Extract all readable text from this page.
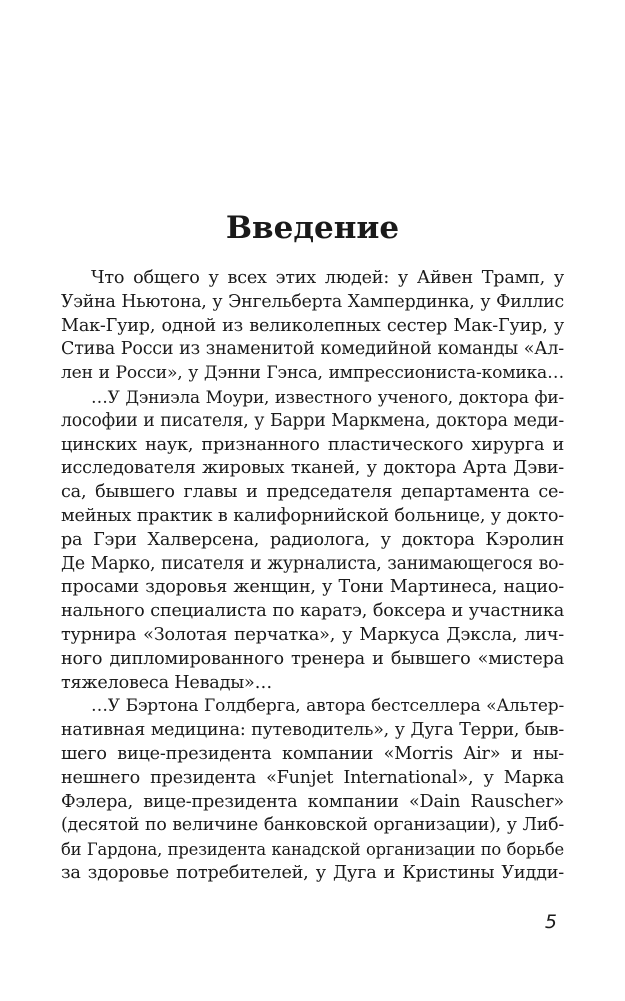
Введение
Что общего у всех этих людей: у Айвен Трамп, у
Уэйна Ньютона, у Энгельберта Хампердинка, у Филлис
Мак-Гуир, одной из великолепных сестер Мак-Гуир, у
Стива Росси из знаменитой комедийной команды «Ал-
лен и Росси», у Дэнни Гэнса, импрессиониста-комика…
…У Дэниэла Моури, известного ученого, доктора фи-
лософии и писателя, у Барри Маркмена, доктора меди-
цинских наук, признанного пластического хирурга и
исследователя жировых тканей, у доктора Арта Дэви-
са, бывшего главы и председателя департамента се-
мейных практик в калифорнийской больнице, у докто-
ра Гэри Халверсена, радиолога, у доктора Кэролин
Де Марко, писателя и журналиста, занимающегося во-
просами здоровья женщин, у Тони Мартинеса, нацио-
нального специалиста по каратэ, боксера и участника
турнира «Золотая перчатка», у Маркуса Дэксла, лич-
ного дипломированного тренера и бывшего «мистера
тяжеловеса Невады»…
…У Бэртона Голдберга, автора бестселлера «Альтер-
нативная медицина: путеводитель», у Дуга Терри, быв-
шего вице-президента компании «Morris Air» и ны-
нешнего президента «Funjet International», у Марка
Фэлера, вице-президента компании «Dain Rauscher»
(десятой по величине банковской организации), у Либ-
би Гардона, президента канадской организации по борьбе
за здоровье потребителей, у Дуга и Кристины Уидди-
5
